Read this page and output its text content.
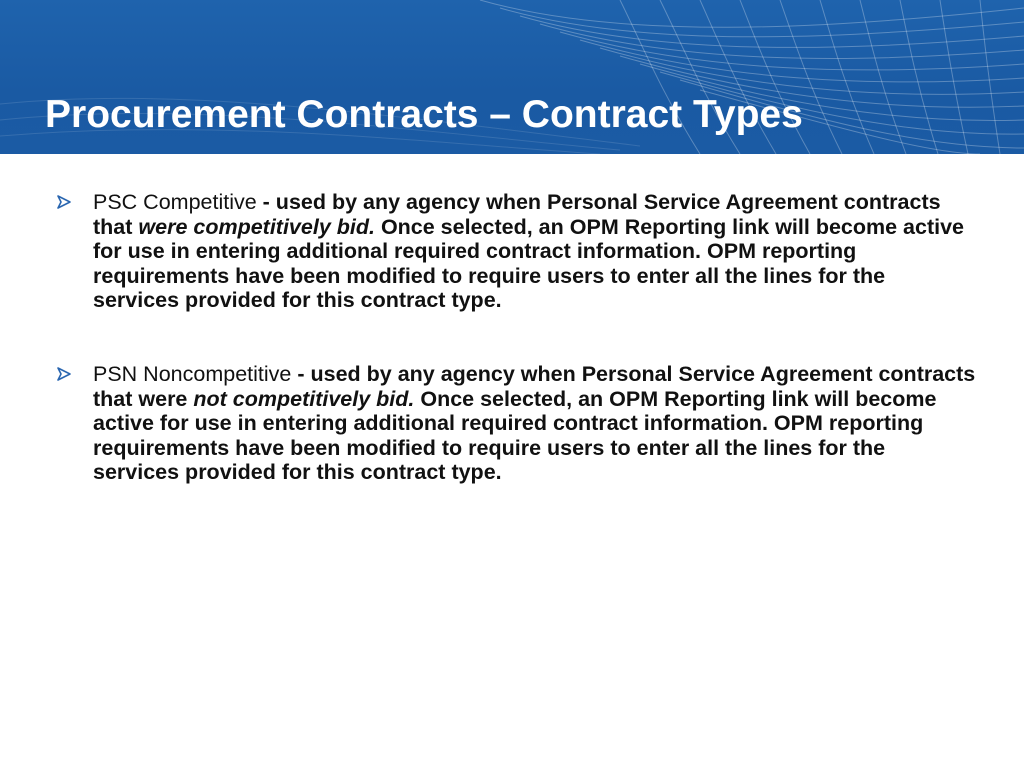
Procurement Contracts – Contract Types
PSC Competitive - used by any agency when Personal Service Agreement contracts that were competitively bid. Once selected, an OPM Reporting link will become active for use in entering additional required contract information. OPM reporting requirements have been modified to require users to enter all the lines for the services provided for this contract type.
PSN Noncompetitive - used by any agency when Personal Service Agreement contracts that were not competitively bid. Once selected, an OPM Reporting link will become active for use in entering additional required contract information. OPM reporting requirements have been modified to require users to enter all the lines for the services provided for this contract type.
